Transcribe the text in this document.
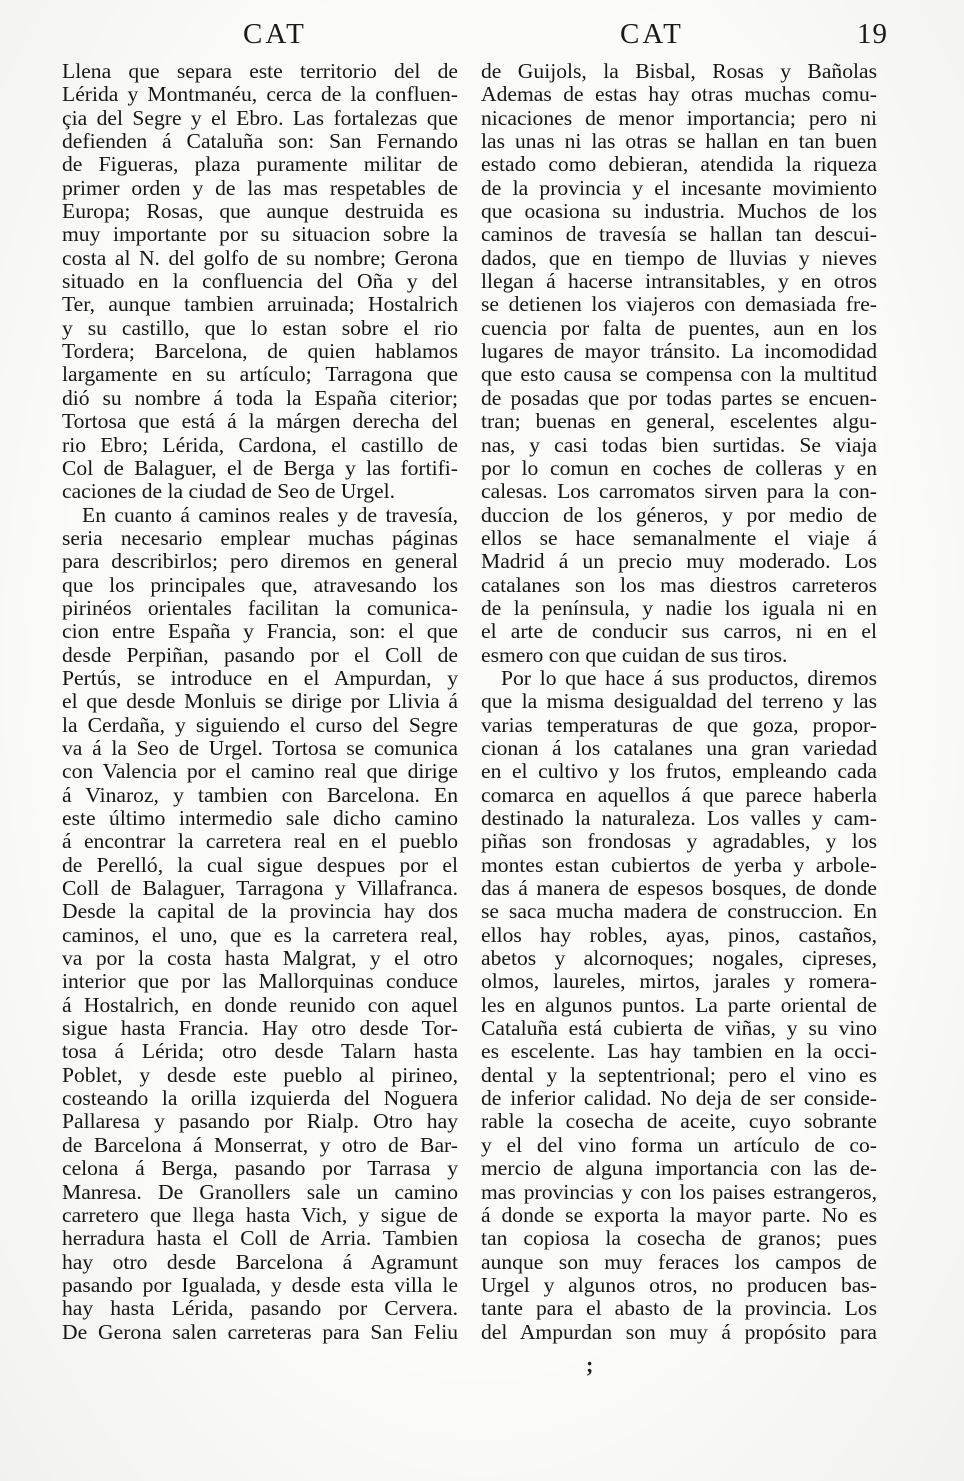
CAT	CAT	19
Llena que separa este territorio del de
Lérida y Montmanéu, cerca de la confluen-
çia del Segre y el Ebro. Las fortalezas que
defienden á Cataluña son: San Fernando
de Figueras, plaza puramente militar de
primer orden y de las mas respetables de
Europa; Rosas, que aunque destruida es
muy importante por su situacion sobre la
costa al N. del golfo de su nombre; Gerona
situado en la confluencia del Oña y del
Ter, aunque tambien arruinada; Hostalrich
y su castillo, que lo estan sobre el rio
Tordera; Barcelona, de quien hablamos
largamente en su artículo; Tarragona que
dió su nombre á toda la España citerior;
Tortosa que está á la márgen derecha del
rio Ebro; Lérida, Cardona, el castillo de
Col de Balaguer, el de Berga y las fortifi-
caciones de la ciudad de Seo de Urgel.
En cuanto á caminos reales y de travesía,
seria necesario emplear muchas páginas
para describirlos; pero diremos en general
que los principales que, atravesando los
pirinéos orientales facilitan la comunica-
cion entre España y Francia, son: el que
desde Perpiñan, pasando por el Coll de
Pertús, se introduce en el Ampurdan, y
el que desde Monluis se dirige por Llivia á
la Cerdaña, y siguiendo el curso del Segre
va á la Seo de Urgel. Tortosa se comunica
con Valencia por el camino real que dirige
á Vinaroz, y tambien con Barcelona. En
este último intermedio sale dicho camino
á encontrar la carretera real en el pueblo
de Perelló, la cual sigue despues por el
Coll de Balaguer, Tarragona y Villafranca.
Desde la capital de la provincia hay dos
caminos, el uno, que es la carretera real,
va por la costa hasta Malgrat, y el otro
interior que por las Mallorquinas conduce
á Hostalrich, en donde reunido con aquel
sigue hasta Francia. Hay otro desde Tor-
tosa á Lérida; otro desde Talarn hasta
Poblet, y desde este pueblo al pirineo,
costeando la orilla izquierda del Noguera
Pallaresa y pasando por Rialp. Otro hay
de Barcelona á Monserrat, y otro de Bar-
celona á Berga, pasando por Tarrasa y
Manresa. De Granollers sale un camino
carretero que llega hasta Vich, y sigue de
herradura hasta el Coll de Arria. Tambien
hay otro desde Barcelona á Agramunt
pasando por Igualada, y desde esta villa le
hay hasta Lérida, pasando por Cervera.
De Gerona salen carreteras para San Feliu
de Guijols, la Bisbal, Rosas y Bañolas
Ademas de estas hay otras muchas comu-
nicaciones de menor importancia; pero ni
las unas ni las otras se hallan en tan buen
estado como debieran, atendida la riqueza
de la provincia y el incesante movimiento
que ocasiona su industria. Muchos de los
caminos de travesía se hallan tan descui-
dados, que en tiempo de lluvias y nieves
llegan á hacerse intransitables, y en otros
se detienen los viajeros con demasiada fre-
cuencia por falta de puentes, aun en los
lugares de mayor tránsito. La incomodidad
que esto causa se compensa con la multitud
de posadas que por todas partes se encuen-
tran; buenas en general, escelentes algu-
nas, y casi todas bien surtidas. Se viaja
por lo comun en coches de colleras y en
calesas. Los carromatos sirven para la con-
duccion de los géneros, y por medio de
ellos se hace semanalmente el viaje á
Madrid á un precio muy moderado. Los
catalanes son los mas diestros carreteros
de la península, y nadie los iguala ni en
el arte de conducir sus carros, ni en el
esmero con que cuidan de sus tiros.
Por lo que hace á sus productos, diremos
que la misma desigualdad del terreno y las
varias temperaturas de que goza, propor-
cionan á los catalanes una gran variedad
en el cultivo y los frutos, empleando cada
comarca en aquellos á que parece haberla
destinado la naturaleza. Los valles y cam-
piñas son frondosas y agradables, y los
montes estan cubiertos de yerba y arbole-
das á manera de espesos bosques, de donde
se saca mucha madera de construccion. En
ellos hay robles, ayas, pinos, castaños,
abetos y alcornoques; nogales, cipreses,
olmos, laureles, mirtos, jarales y romera-
les en algunos puntos. La parte oriental de
Cataluña está cubierta de viñas, y su vino
es escelente. Las hay tambien en la occi-
dental y la septentrional; pero el vino es
de inferior calidad. No deja de ser conside-
rable la cosecha de aceite, cuyo sobrante
y el del vino forma un artículo de co-
mercio de alguna importancia con las de-
mas provincias y con los paises estrangeros,
á donde se exporta la mayor parte. No es
tan copiosa la cosecha de granos; pues
aunque son muy feraces los campos de
Urgel y algunos otros, no producen bas-
tante para el abasto de la provincia. Los
del Ampurdan son muy á propósito para
;
